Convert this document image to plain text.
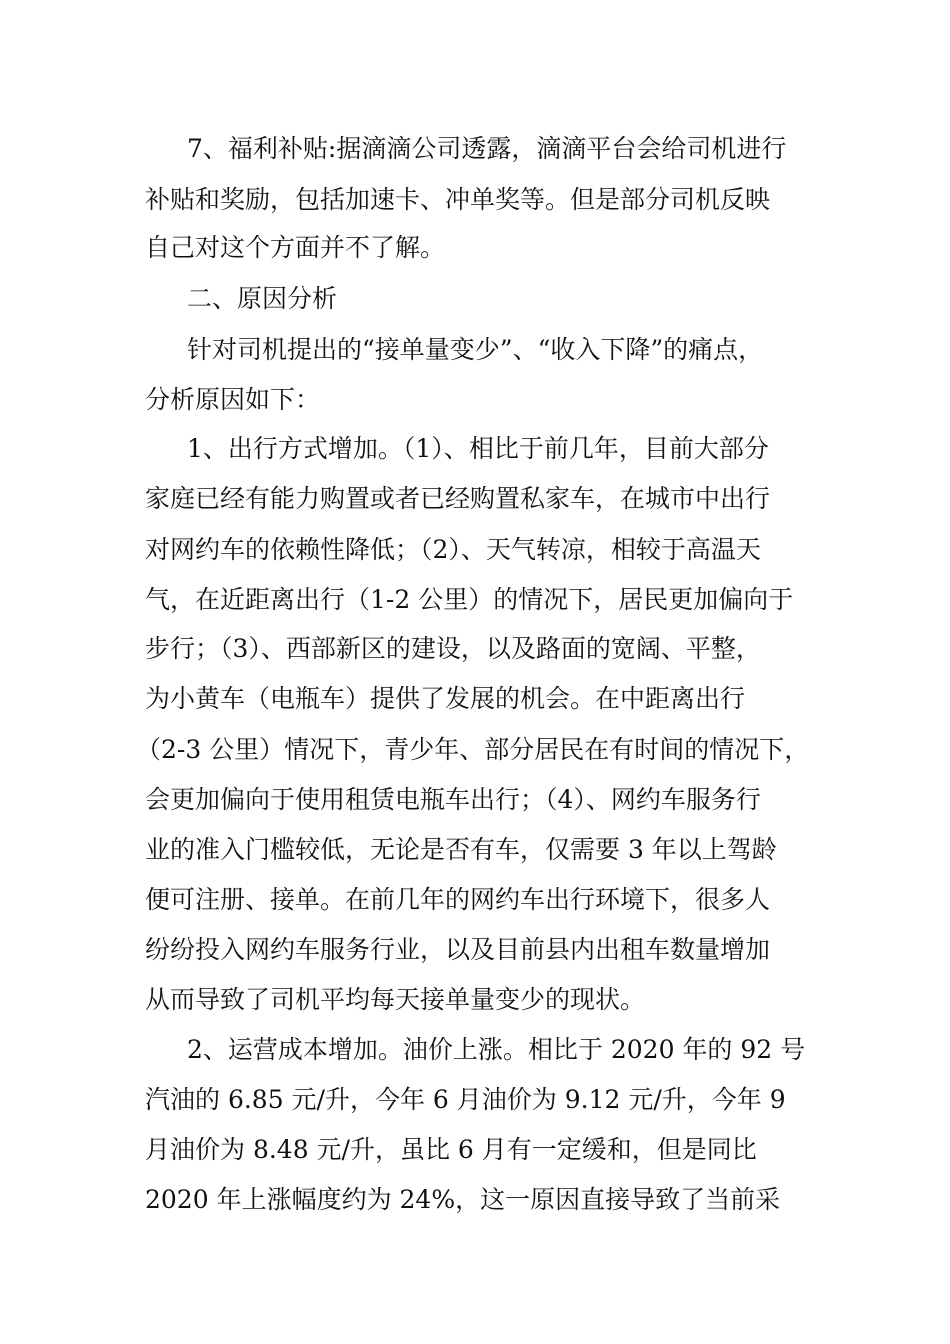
7、福利补贴:据滴滴公司透露，滴滴平台会给司机进行
补贴和奖励，包括加速卡、冲单奖等。但是部分司机反映
自己对这个方面并不了解。
二、原因分析
针对司机提出的“接单量变少”、“收入下降”的痛点，
分析原因如下：
1、出行方式增加。（1）、相比于前几年，目前大部分
家庭已经有能力购置或者已经购置私家车，在城市中出行
对网约车的依赖性降低；（2）、天气转凉，相较于高温天
气，在近距离出行（1-2 公里）的情况下，居民更加偏向于
步行；（3）、西部新区的建设，以及路面的宽阔、平整，
为小黄车（电瓶车）提供了发展的机会。在中距离出行
（2-3 公里）情况下，青少年、部分居民在有时间的情况下，
会更加偏向于使用租赁电瓶车出行；（4）、网约车服务行
业的准入门槛较低，无论是否有车，仅需要 3 年以上驾龄
便可注册、接单。在前几年的网约车出行环境下，很多人
纷纷投入网约车服务行业，以及目前县内出租车数量增加
从而导致了司机平均每天接单量变少的现状。
2、运营成本增加。油价上涨。相比于 2020 年的 92 号
汽油的 6.85 元/升，今年 6 月油价为 9.12 元/升，今年 9
月油价为 8.48 元/升，虽比 6 月有一定缓和，但是同比
2020 年上涨幅度约为 24%，这一原因直接导致了当前采
